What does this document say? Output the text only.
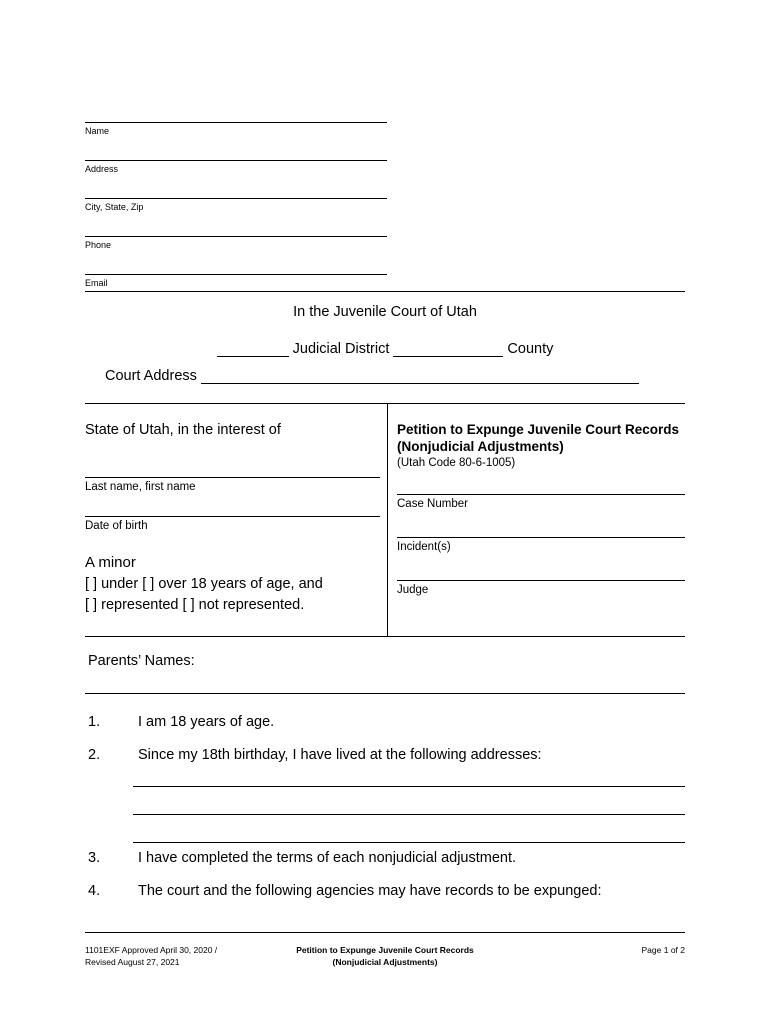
Name
Address
City, State, Zip
Phone
Email
In the Juvenile Court of Utah
Judicial District	County
Court Address
State of Utah, in the interest of
Last name, first name
Date of birth
A minor
[ ] under [ ] over 18 years of age, and
[ ] represented [ ] not represented.
Petition to Expunge Juvenile Court Records (Nonjudicial Adjustments)
(Utah Code 80-6-1005)
Case Number
Incident(s)
Judge
Parents’ Names:
1.	I am 18 years of age.
2.	Since my 18th birthday, I have lived at the following addresses:
3.	I have completed the terms of each nonjudicial adjustment.
4.	The court and the following agencies may have records to be expunged:
1101EXF Approved April 30, 2020 /
Revised August 27, 2021
Petition to Expunge Juvenile Court Records
(Nonjudicial Adjustments)
Page 1 of 2
